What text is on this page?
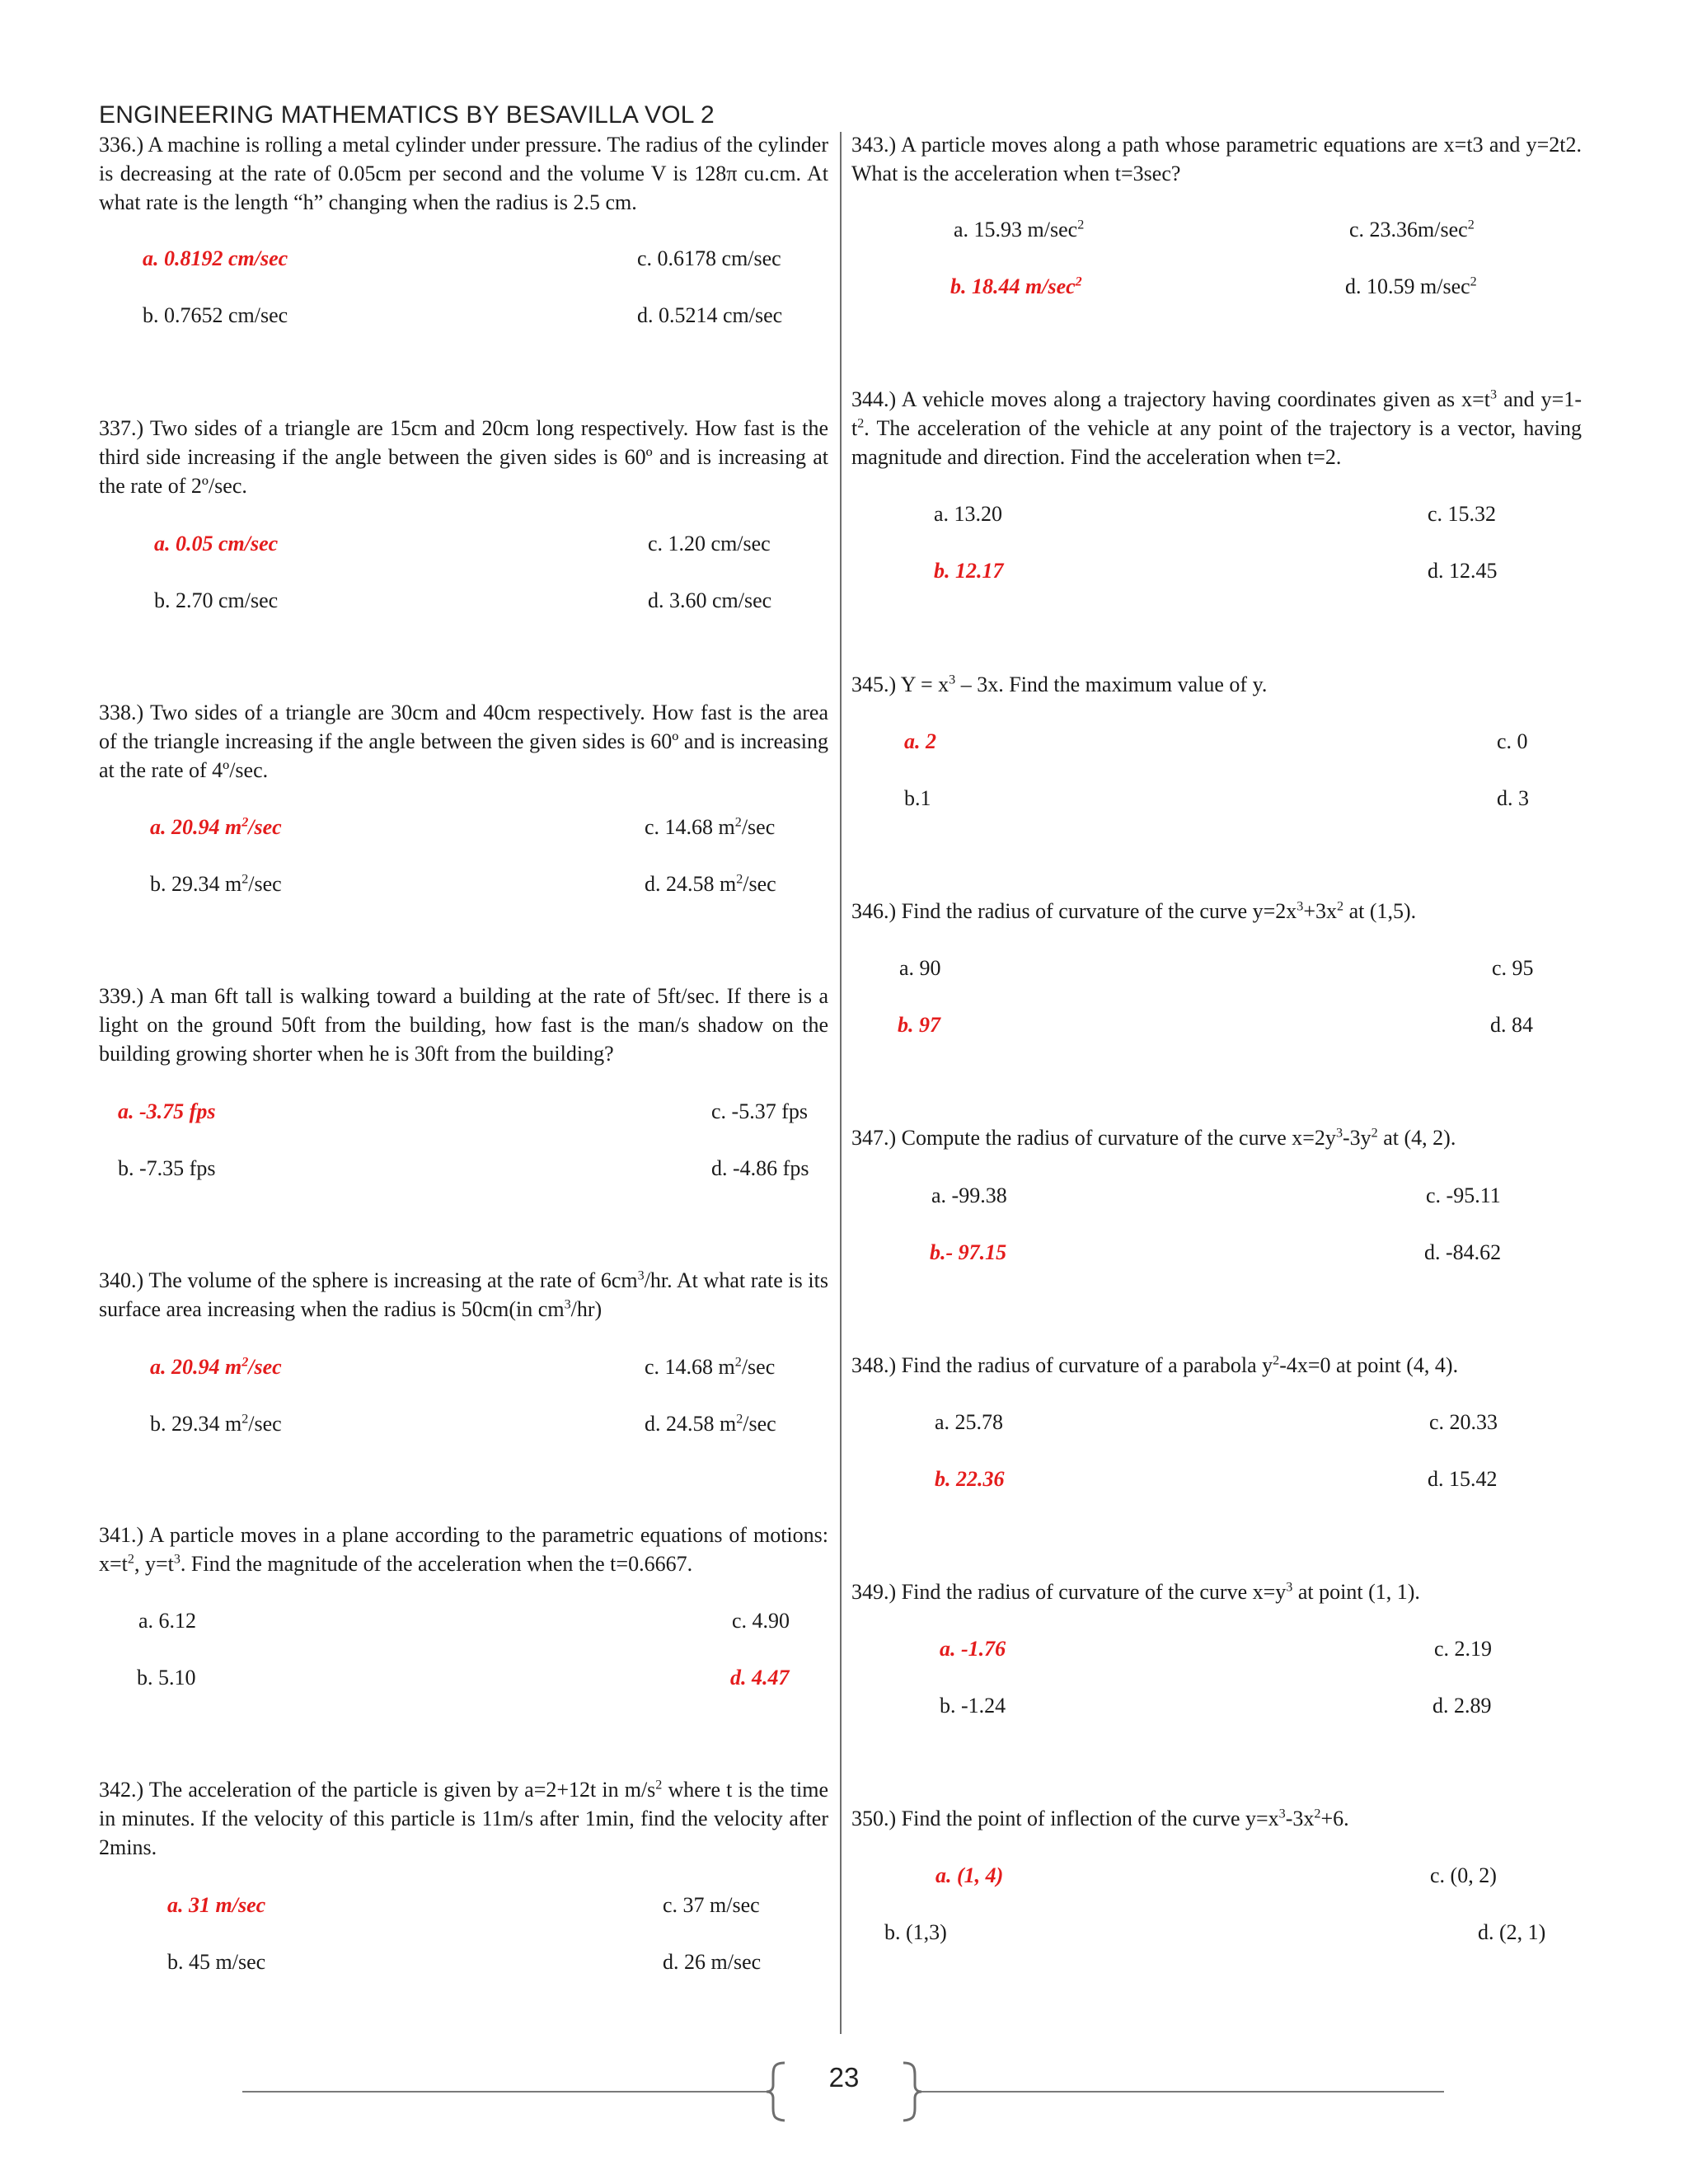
ENGINEERING MATHEMATICS BY BESAVILLA VOL 2
336.) A machine is rolling a metal cylinder under pressure. The radius of the cylinder is decreasing at the rate of 0.05cm per second and the volume V is 128π cu.cm. At what rate is the length “h” changing when the radius is 2.5 cm.
a. 0.8192 cm/sec	c. 0.6178 cm/sec
b. 0.7652 cm/sec	d. 0.5214 cm/sec
337.) Two sides of a triangle are 15cm and 20cm long respectively. How fast is the third side increasing if the angle between the given sides is 60º and is increasing at the rate of 2º/sec.
a. 0.05 cm/sec	c. 1.20 cm/sec
b. 2.70 cm/sec	d. 3.60 cm/sec
338.) Two sides of a triangle are 30cm and 40cm respectively. How fast is the area of the triangle increasing if the angle between the given sides is 60º and is increasing at the rate of 4º/sec.
a. 20.94 $m^2/\sec$	c. 14.68 $m^2/\sec$
b. 29.34 $m^2/\sec$	d. 24.58 $m^2/\sec$
339.) A man 6ft tall is walking toward a building at the rate of 5ft/sec. If there is a light on the ground 50ft from the building, how fast is the man/s shadow on the building growing shorter when he is 30ft from the building?
a. -3.75 fps	c. -5.37 fps
b. -7.35 fps	d. -4.86 fps
340.) The volume of the sphere is increasing at the rate of $6cm^3/hr$. At what rate is its surface area increasing when the radius is 50cm(in $cm^3/hr$)
a. 20.94 $m^2/\sec$	c. 14.68 $m^2/\sec$
b. 29.34 $m^2/\sec$	d. 24.58 $m^2/\sec$
341.) A particle moves in a plane according to the parametric equations of motions: $x=t^2$, $y=t^3$. Find the magnitude of the acceleration when the t=0.6667.
a. 6.12	c. 4.90
b. 5.10	d. 4.47
342.) The acceleration of the particle is given by a=2+12t in $m/s^2$ where t is the time in minutes. If the velocity of this particle is 11m/s after 1min, find the velocity after 2mins.
a. 31 m/sec	c. 37 m/sec
b. 45 m/sec	d. 26 m/sec
343.) A particle moves along a path whose parametric equations are x=t3 and y=2t2. What is the acceleration when t=3sec?
a. 15.93 $m/\sec^2$	c. $23.36m/\sec^2$
b. 18.44 $m/\sec^2$	d. 10.59 $m/\sec^2$
344.) A vehicle moves along a trajectory having coordinates given as $x=t^3$ and $y=1-t^2$. The acceleration of the vehicle at any point of the trajectory is a vector, having magnitude and direction. Find the acceleration when t=2.
a. 13.20	c. 15.32
b. 12.17	d. 12.45
345.) $Y = x^3 - 3x$. Find the maximum value of y.
a. 2	c. 0
b.1	d. 3
346.) Find the radius of curvature of the curve $y=2x^3+3x^2$ at (1,5).
a. 90	c. 95
b. 97	d. 84
347.) Compute the radius of curvature of the curve $x=2y^3-3y^2$ at (4, 2).
a. -99.38	c. -95.11
b.- 97.15	d. -84.62
348.) Find the radius of curvature of a parabola $y^2-4x=0$ at point (4, 4).
a. 25.78	c. 20.33
b. 22.36	d. 15.42
349.) Find the radius of curvature of the curve $x=y^3$ at point (1, 1).
a. -1.76	c. 2.19
b. -1.24	d. 2.89
350.) Find the point of inflection of the curve $y=x^3-3x^2+6$.
a. (1, 4)	c. (0, 2)
b. (1,3)	d. (2, 1)
23
